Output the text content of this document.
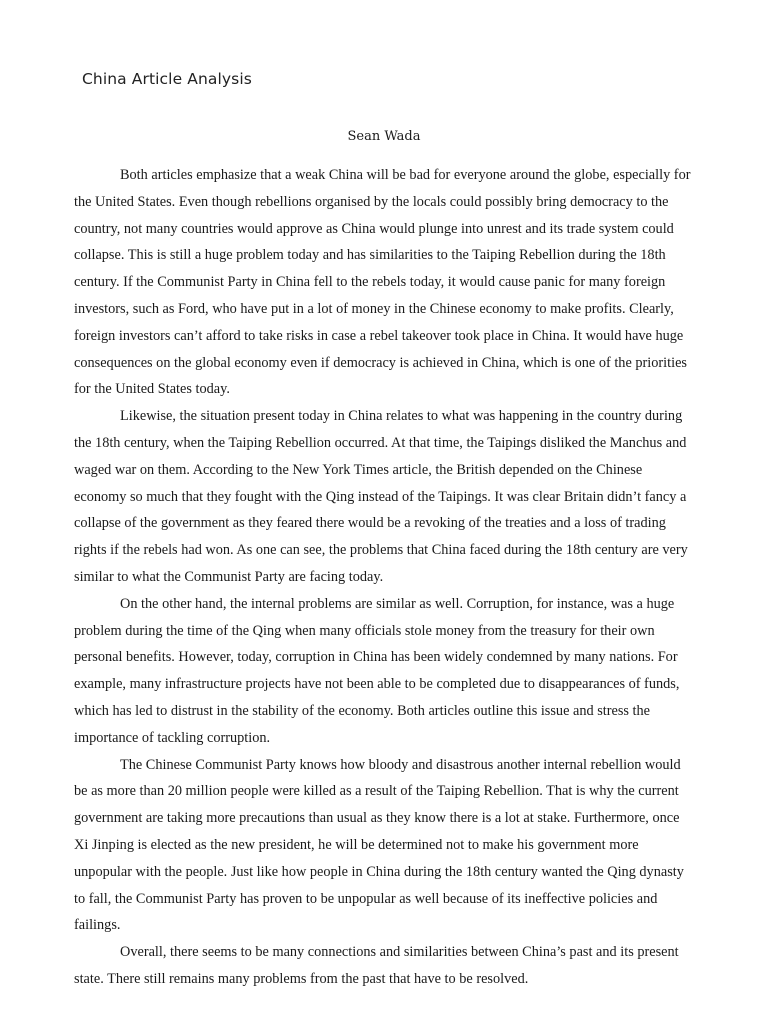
China Article Analysis

Sean Wada

Both articles emphasize that a weak China will be bad for everyone around the globe, especially for the United States. Even though rebellions organised by the locals could possibly bring democracy to the country, not many countries would approve as China would plunge into unrest and its trade system could collapse. This is still a huge problem today and has similarities to the Taiping Rebellion during the 18th century. If the Communist Party in China fell to the rebels today, it would cause panic for many foreign investors, such as Ford, who have put in a lot of money in the Chinese economy to make profits. Clearly, foreign investors can’t afford to take risks in case a rebel takeover took place in China. It would have huge consequences on the global economy even if democracy is achieved in China, which is one of the priorities for the United States today.

Likewise, the situation present today in China relates to what was happening in the country during the 18th century, when the Taiping Rebellion occurred. At that time, the Taipings disliked the Manchus and waged war on them. According to the New York Times article, the British depended on the Chinese economy so much that they fought with the Qing instead of the Taipings. It was clear Britain didn’t fancy a collapse of the government as they feared there would be a revoking of the treaties and a loss of trading rights if the rebels had won. As one can see, the problems that China faced during the 18th century are very similar to what the Communist Party are facing today.

On the other hand, the internal problems are similar as well. Corruption, for instance, was a huge problem during the time of the Qing when many officials stole money from the treasury for their own personal benefits. However, today, corruption in China has been widely condemned by many nations. For example, many infrastructure projects have not been able to be completed due to disappearances of funds, which has led to distrust in the stability of the economy. Both articles outline this issue and stress the importance of tackling corruption.

The Chinese Communist Party knows how bloody and disastrous another internal rebellion would be as more than 20 million people were killed as a result of the Taiping Rebellion. That is why the current government are taking more precautions than usual as they know there is a lot at stake. Furthermore, once Xi Jinping is elected as the new president, he will be determined not to make his government more unpopular with the people. Just like how people in China during the 18th century wanted the Qing dynasty to fall, the Communist Party has proven to be unpopular as well because of its ineffective policies and failings.

Overall, there seems to be many connections and similarities between China’s past and its present state. There still remains many problems from the past that have to be resolved.
